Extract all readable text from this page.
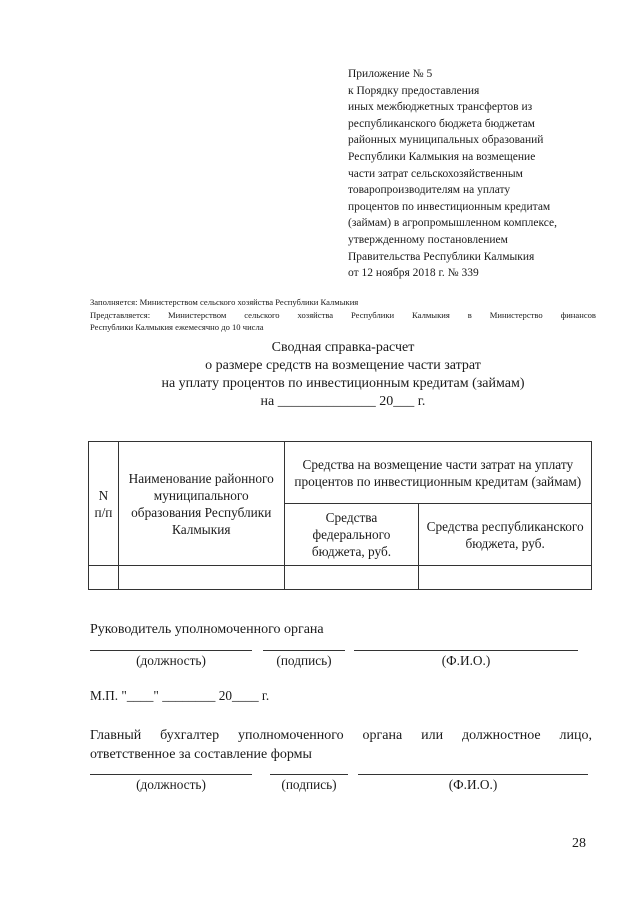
Приложение № 5
к Порядку предоставления
иных межбюджетных трансфертов из
республиканского бюджета бюджетам
районных муниципальных образований
Республики Калмыкия на возмещение
части затрат сельскохозяйственным
товаропроизводителям на уплату
процентов по инвестиционным кредитам
(займам) в агропромышленном комплексе,
утвержденному постановлением
Правительства Республики Калмыкия
от 12 ноября 2018 г. № 339
Заполняется: Министерством сельского хозяйства Республики Калмыкия
Представляется: Министерством сельского хозяйства Республики Калмыкия в Министерство финансов
Республики Калмыкия ежемесячно до 10 числа
Сводная справка-расчет
о размере средств на возмещение части затрат
на уплату процентов по инвестиционным кредитам (займам)
на ______________ 20___ г.
N п/п	Наименование районного муниципального образования Республики Калмыкия	Средства на возмещение части затрат на уплату процентов по инвестиционным кредитам (займам)	
		Средства федерального бюджета, руб.	Средства республиканского бюджета, руб.

Руководитель уполномоченного органа
(должность)	(подпись)	(Ф.И.О.)
М.П. "____" ________ 20____ г.
Главный бухгалтер уполномоченного органа или должностное лицо,
ответственное за составление формы
(должность)	(подпись)	(Ф.И.О.)
28
